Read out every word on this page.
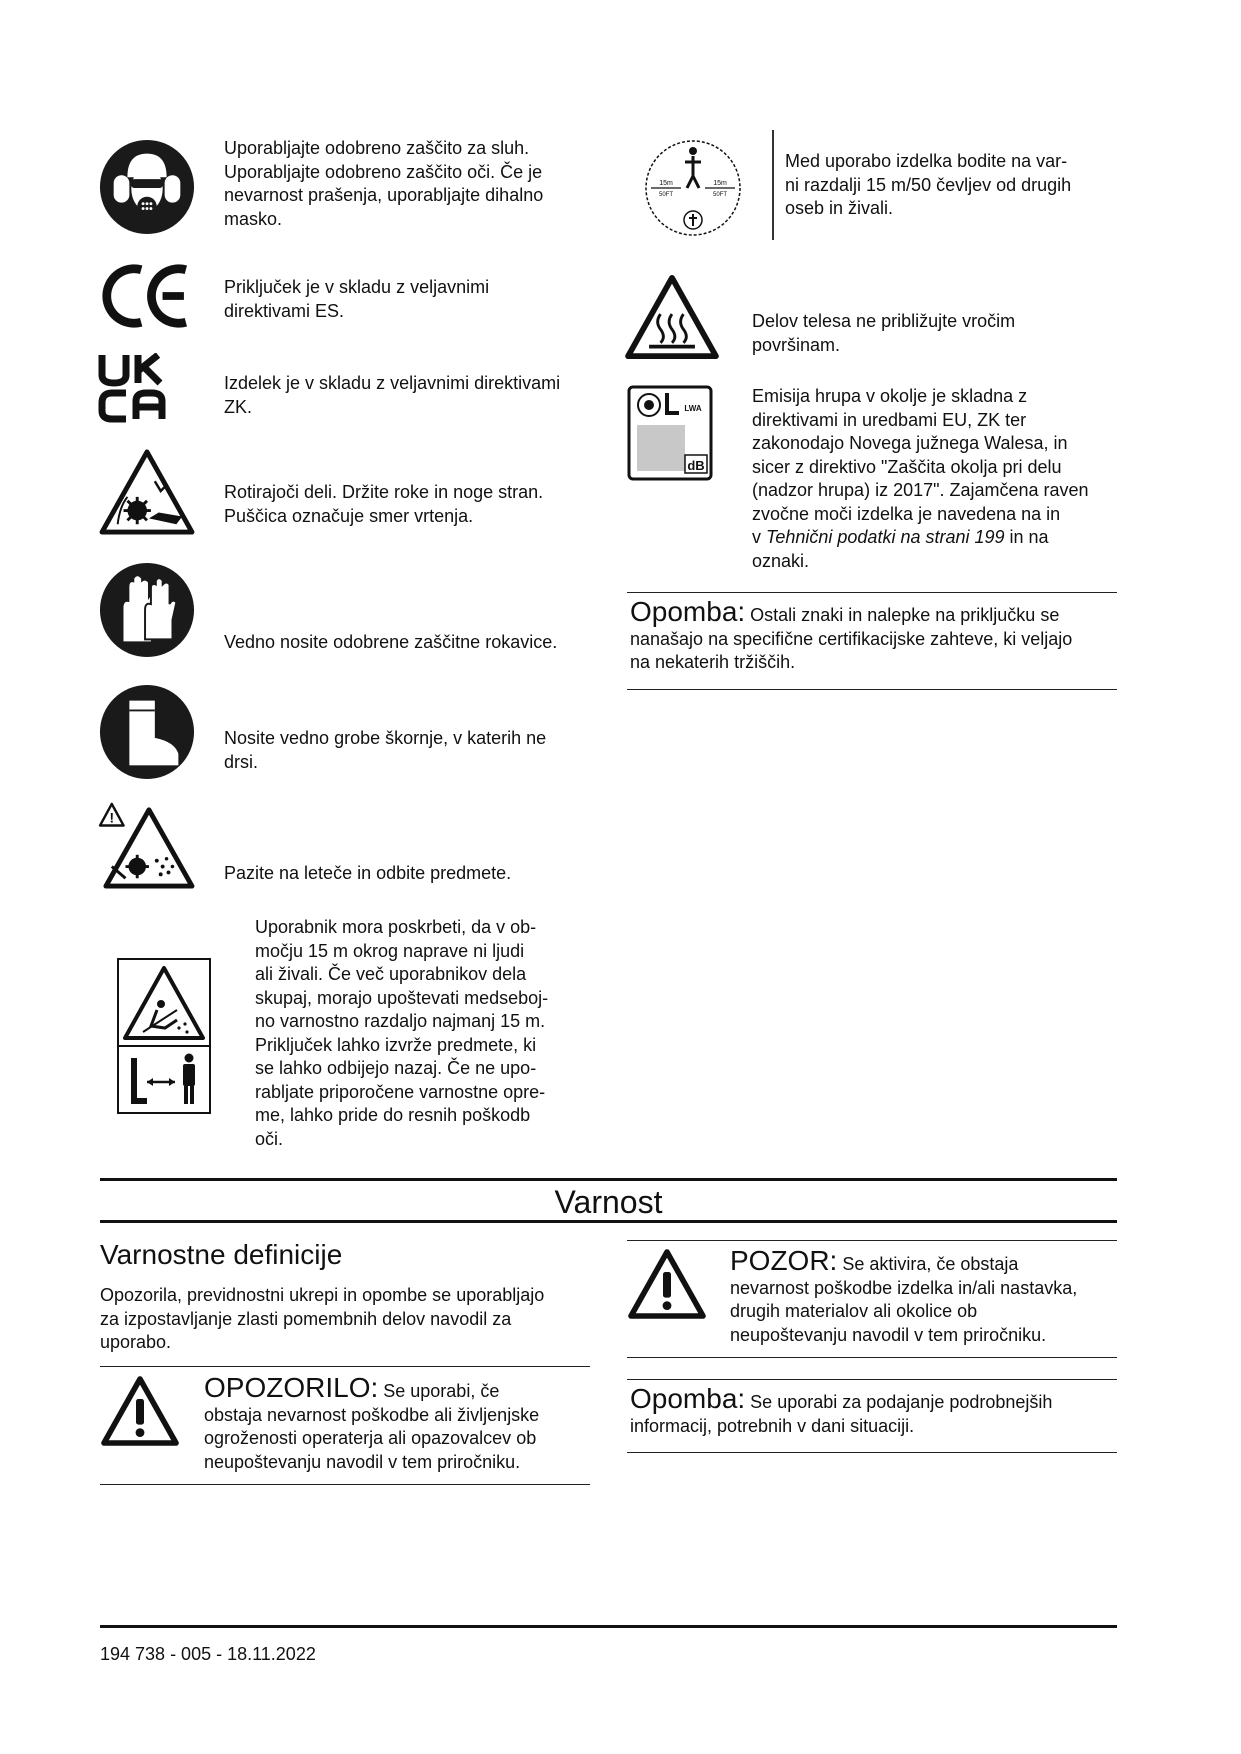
Uporabljajte odobreno zaščito za sluh.
Uporabljajte odobreno zaščito oči. Če je
nevarnost prašenja, uporabljajte dihalno
masko.
Priključek je v skladu z veljavnimi
direktivami ES.
Izdelek je v skladu z veljavnimi direktivami
ZK.
Rotirajoči deli. Držite roke in noge stran.
Puščica označuje smer vrtenja.
Vedno nosite odobrene zaščitne rokavice.
Nosite vedno grobe škornje, v katerih ne
drsi.
!
Pazite na leteče in odbite predmete.
Uporabnik mora poskrbeti, da v ob-
močju 15 m okrog naprave ni ljudi
ali živali. Če več uporabnikov dela
skupaj, morajo upoštevati medseboj-
no varnostno razdaljo najmanj 15 m.
Priključek lahko izvrže predmete, ki
se lahko odbijejo nazaj. Če ne upo-
rabljate priporočene varnostne opre-
me, lahko pride do resnih poškodb
oči.
15m
50FT
15m
50FT
Med uporabo izdelka bodite na var-
ni razdalji 15 m/50 čevljev od drugih
oseb in živali.
Delov telesa ne približujte vročim
površinam.
LWA
dB
Emisija hrupa v okolje je skladna z
direktivami in uredbami EU, ZK ter
zakonodajo Novega južnega Walesa, in
sicer z direktivo "Zaščita okolja pri delu
(nadzor hrupa) iz 2017". Zajamčena raven
zvočne moči izdelka je navedena na in
v Tehnični podatki na strani 199 in na
oznaki.
Opomba: Ostali znaki in nalepke na priključku se
nanašajo na specifične certifikacijske zahteve, ki veljajo
na nekaterih tržiščih.
Varnost
Varnostne definicije
Opozorila, previdnostni ukrepi in opombe se uporabljajo
za izpostavljanje zlasti pomembnih delov navodil za
uporabo.
OPOZORILO: Se uporabi, če
obstaja nevarnost poškodbe ali življenjske
ogroženosti operaterja ali opazovalcev ob
neupoštevanju navodil v tem priročniku.
POZOR: Se aktivira, če obstaja
nevarnost poškodbe izdelka in/ali nastavka,
drugih materialov ali okolice ob
neupoštevanju navodil v tem priročniku.
Opomba: Se uporabi za podajanje podrobnejših
informacij, potrebnih v dani situaciji.
194 738 - 005 - 18.11.2022
